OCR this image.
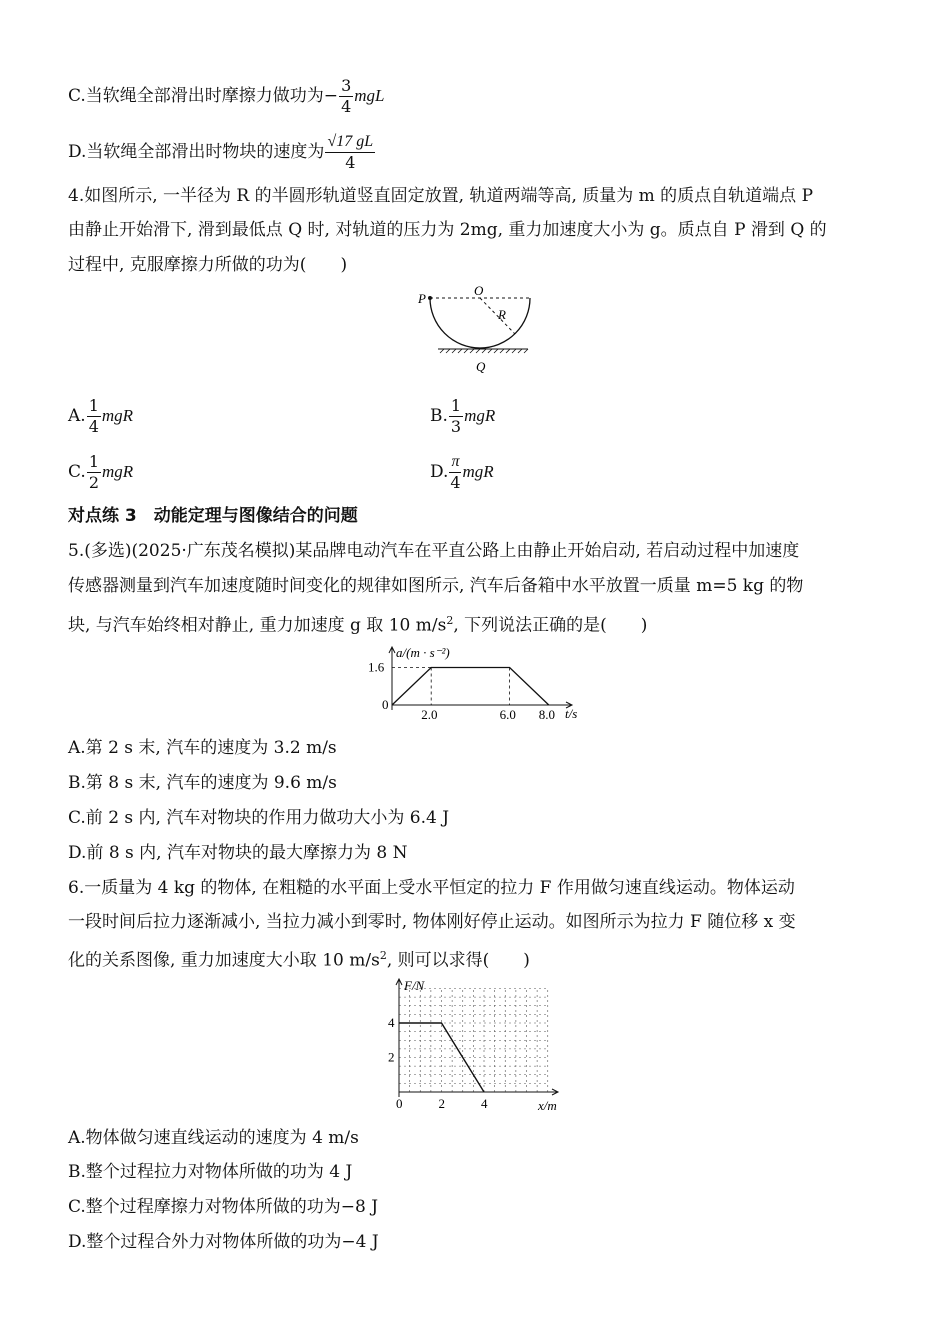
C.当软绳全部滑出时摩擦力做功为− $\frac{3}{4}$ mgL
D.当软绳全部滑出时物块的速度为 $\frac{√17 gL}{4}$
4.如图所示, 一半径为 R 的半圆形轨道竖直固定放置, 轨道两端等高, 质量为 m 的质点自轨道端点 P
由静止开始滑下, 滑到最低点 Q 时, 对轨道的压力为 2mg, 重力加速度大小为 g。质点自 P 滑到 Q 的
过程中, 克服摩擦力所做的功为(　　)
P
O
R
Q
A. $\frac{1}{4}$ mgR	B. $\frac{1}{3}$ mgR
C. $\frac{1}{2}$ mgR	D. $\frac{\pi}{4}$ mgR
对点练 3　动能定理与图像结合的问题
5.(多选)(2025·广东茂名模拟)某品牌电动汽车在平直公路上由静止开始启动, 若启动过程中加速度
传感器测量到汽车加速度随时间变化的规律如图所示, 汽车后备箱中水平放置一质量 m=5 kg 的物
块, 与汽车始终相对静止, 重力加速度 g 取 10 $m/s^2$, 下列说法正确的是(　　)
2.0	6.0 8.0
1.6
a/(m · s⁻²)
t/s
0
A.第 2 s 末, 汽车的速度为 3.2 m/s
B.第 8 s 末, 汽车的速度为 9.6 m/s
C.前 2 s 内, 汽车对物块的作用力做功大小为 6.4 J
D.前 8 s 内, 汽车对物块的最大摩擦力为 8 N
6.一质量为 4 kg 的物体, 在粗糙的水平面上受水平恒定的拉力 F 作用做匀速直线运动。物体运动
一段时间后拉力逐渐减小, 当拉力减小到零时, 物体刚好停止运动。如图所示为拉力 F 随位移 x 变
化的关系图像, 重力加速度大小取 10 $m/s^2$, 则可以求得(　　)
2	4
2
4
F/N
x/m
0
A.物体做匀速直线运动的速度为 4 m/s
B.整个过程拉力对物体所做的功为 4 J
C.整个过程摩擦力对物体所做的功为−8 J
D.整个过程合外力对物体所做的功为−4 J
